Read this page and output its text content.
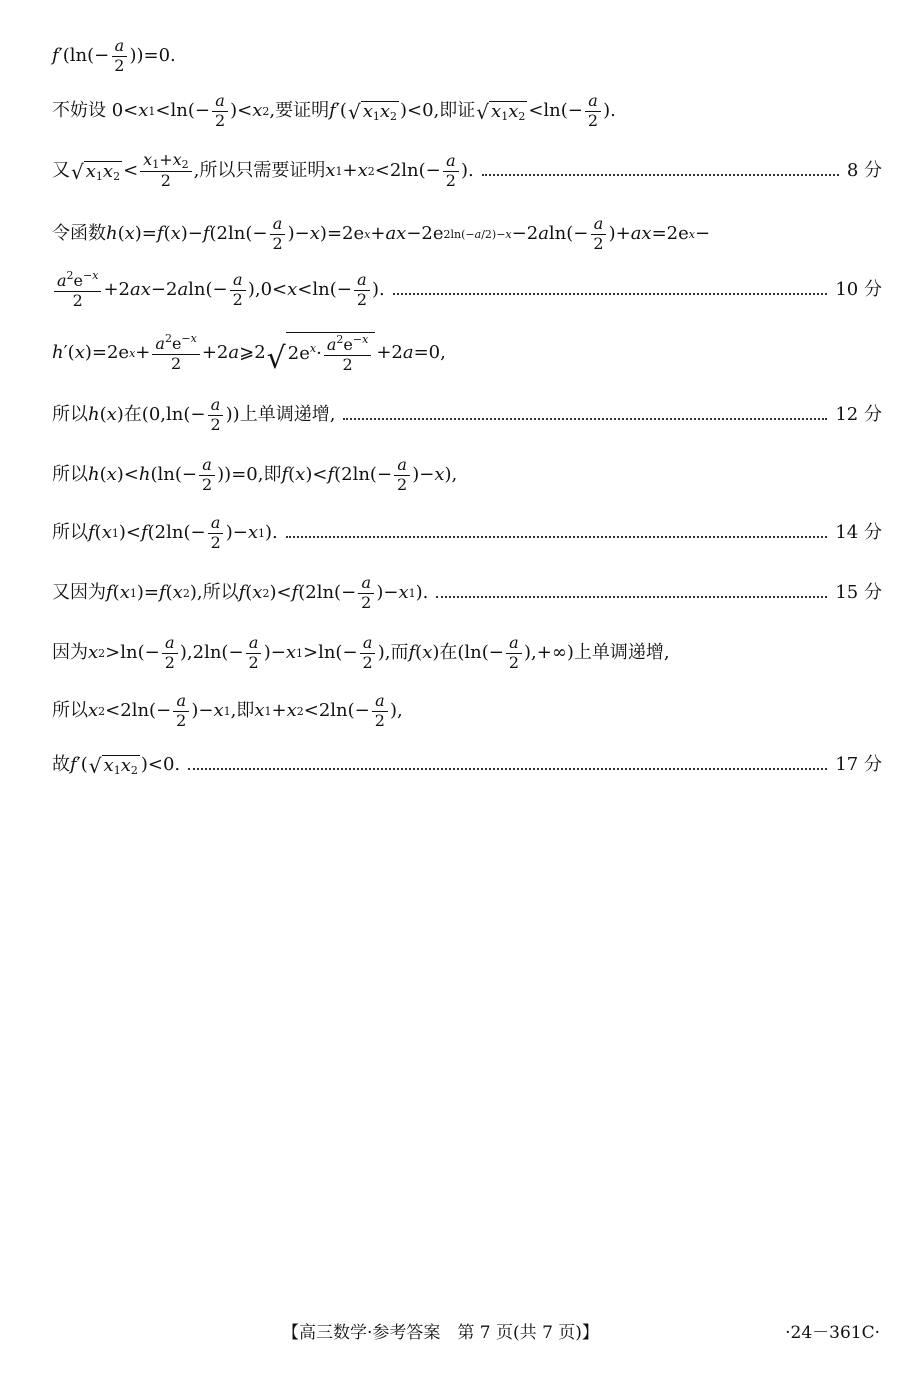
f $'(\ln(- \frac{a}{2} ))=0$.
不妨设 0< x $1 <\ln(- \frac{a}{2}$ )< x 2 ,要证明 f ′( √ $x_1x_2$ )<0,即证 √ $x_1x_2 <\ln(- \frac{a}{2}$ ).
又 √ $x_1x_2 < \frac{x_1+x_2}{2}$ ,所以只需要证明 x 1 + x $2 <2\ln(- \frac{a}{2}$ ).	8 分
令函数 h ( x )= f ( x )− f ($2\ln(- \frac{a}{2}$ )− x )=2e x + ax −2e 2ln(−a/2)−x −2 a $\ln(- \frac{a}{2}$ )+ ax =2e x −
$\frac{a^2e^{-x}}{2} +2$ ax −2 a $\ln(- \frac{a}{2} ),0< x <\ln(- \frac{a}{2}$ ).	10 分
h ′( x )=2e $x + \frac{a^2e^{-x}}{2} +2$ a ⩾2 √ $2e^x\cdot \frac{a^2e^{-x}}{2} +2$ a =0,
所以 h ( x )在($0,\ln(- \frac{a}{2}$ ))上单调递增,	12 分
所以 h ( x )< h $(\ln(- \frac{a}{2} ))=0$,即 f ( x )< f ($2\ln(- \frac{a}{2}$ )− x ),
所以 f ( x 1 )< f ($2\ln(- \frac{a}{2}$ )− x 1 ).	14 分
又因为 f ( x 1 )= f ( x 2 ),所以 f ( x 2 )< f ($2\ln(- \frac{a}{2}$ )− x 1 ).	15 分
因为 x $2 >\ln(- \frac{a}{2} ),2\ln(- \frac{a}{2}$ )− x $1 >\ln(- \frac{a}{2}$ ),而 f ( x )在($\ln(- \frac{a}{2}$ ),+∞)上单调递增,
所以 x $2 <2\ln(- \frac{a}{2}$ )− x 1 ,即 x 1 + x $2 <2\ln(- \frac{a}{2}$ ),
故 f ′( √ $x_1x_2$ )<0.	17 分
【高三数学·参考答案　第 7 页(共 7 页)】	·24－361C·
